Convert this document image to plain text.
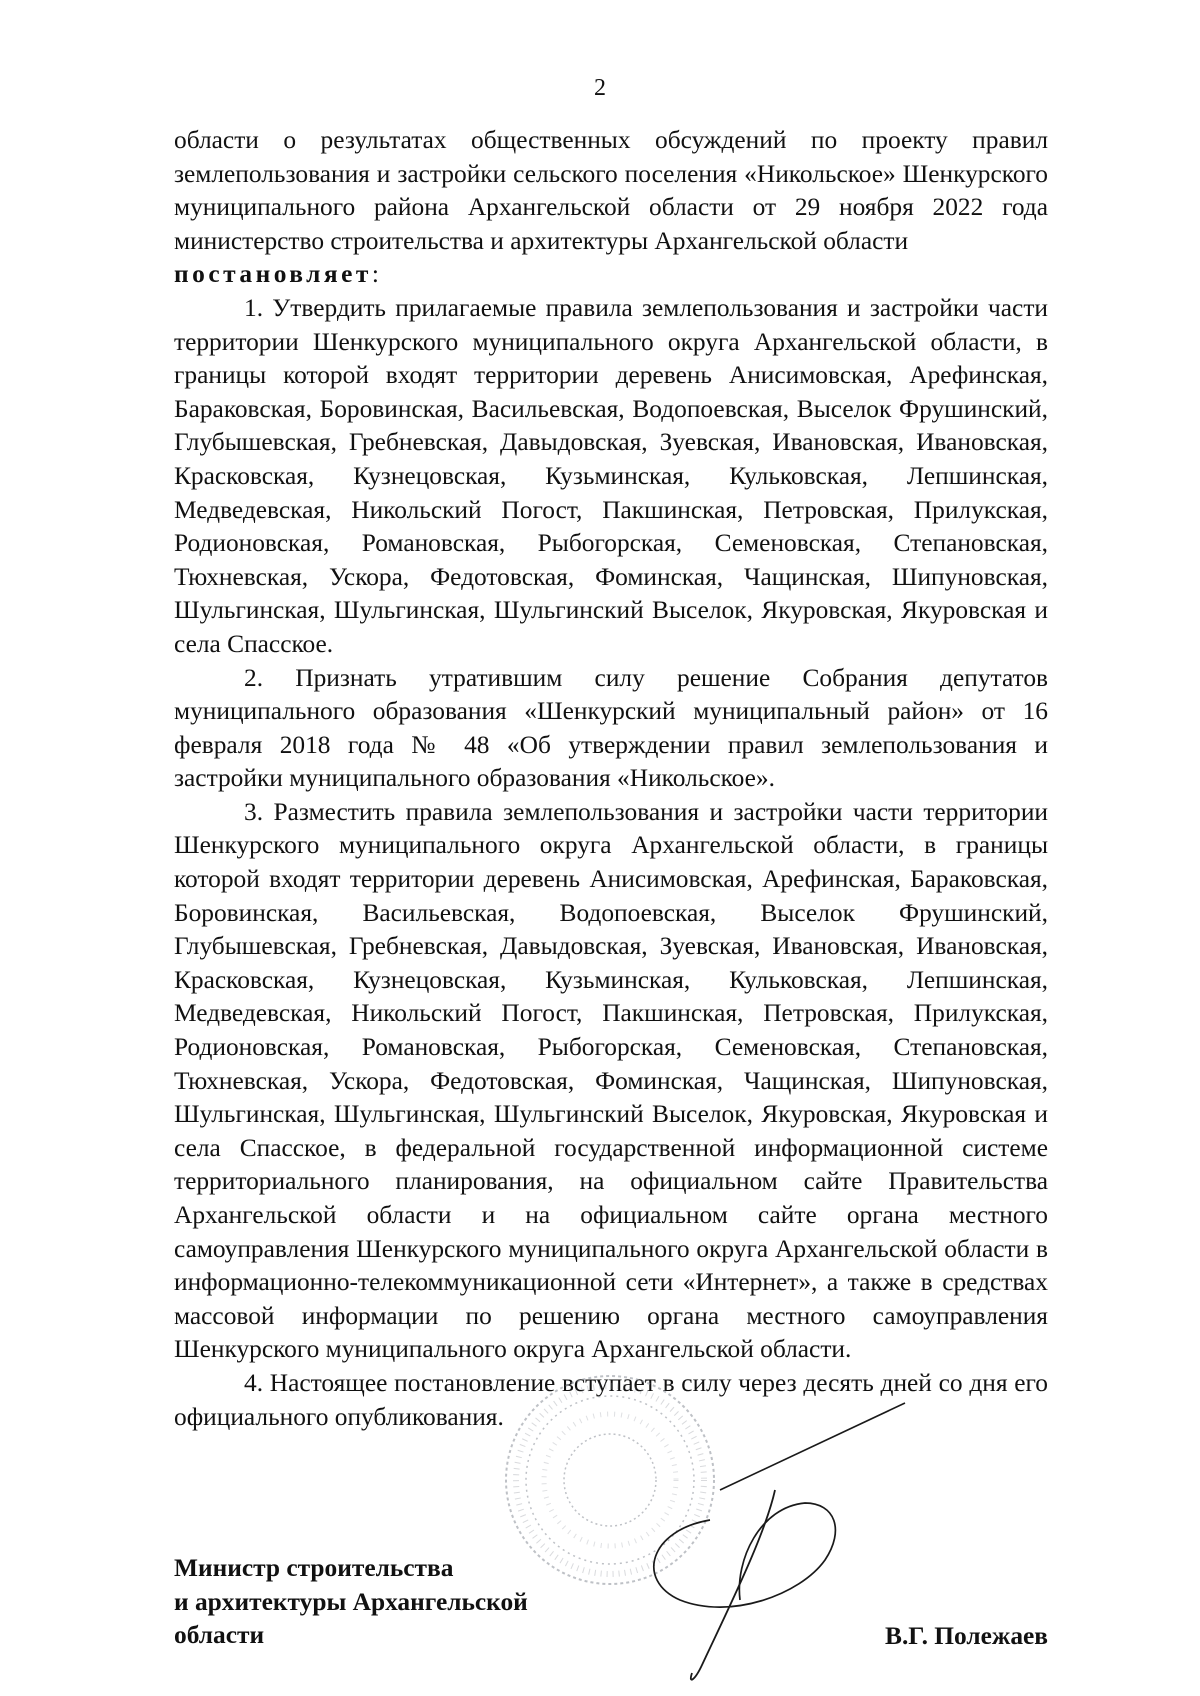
2

области о результатах общественных обсуждений по проекту правил землепользования и застройки сельского поселения «Никольское» Шенкурского муниципального района Архангельской области от 29 ноября 2022 года министерство строительства и архитектуры Архангельской области
постановляет:

1. Утвердить прилагаемые правила землепользования и застройки части территории Шенкурского муниципального округа Архангельской области, в границы которой входят территории деревень Анисимовская, Арефинская, Бараковская, Боровинская, Васильевская, Водопоевская, Выселок Фрушинский, Глубышевская, Гребневская, Давыдовская, Зуевская, Ивановская, Ивановская, Красковская, Кузнецовская, Кузьминская, Кульковская, Лепшинская, Медведевская, Никольский Погост, Пакшинская, Петровская, Прилукская, Родионовская, Романовская, Рыбогорская, Семеновская, Степановская, Тюхневская, Ускора, Федотовская, Фоминская, Чащинская, Шипуновская, Шульгинская, Шульгинская, Шульгинский Выселок, Якуровская, Якуровская и села Спасское.

2. Признать утратившим силу решение Собрания депутатов муниципального образования «Шенкурский муниципальный район» от 16 февраля 2018 года № 48 «Об утверждении правил землепользования и застройки муниципального образования «Никольское».

3. Разместить правила землепользования и застройки части территории Шенкурского муниципального округа Архангельской области, в границы которой входят территории деревень Анисимовская, Арефинская, Бараковская, Боровинская, Васильевская, Водопоевская, Выселок Фрушинский, Глубышевская, Гребневская, Давыдовская, Зуевская, Ивановская, Ивановская, Красковская, Кузнецовская, Кузьминская, Кульковская, Лепшинская, Медведевская, Никольский Погост, Пакшинская, Петровская, Прилукская, Родионовская, Романовская, Рыбогорская, Семеновская, Степановская, Тюхневская, Ускора, Федотовская, Фоминская, Чащинская, Шипуновская, Шульгинская, Шульгинская, Шульгинский Выселок, Якуровская, Якуровская и села Спасское, в федеральной государственной информационной системе территориального планирования, на официальном сайте Правительства Архангельской области и на официальном сайте органа местного самоуправления Шенкурского муниципального округа Архангельской области в информационно-телекоммуникационной сети «Интернет», а также в средствах массовой информации по решению органа местного самоуправления Шенкурского муниципального округа Архангельской области.

4. Настоящее постановление вступает в силу через десять дней со дня его официального опубликования.

Министр строительства
и архитектуры Архангельской
области	В.Г. Полежаев
